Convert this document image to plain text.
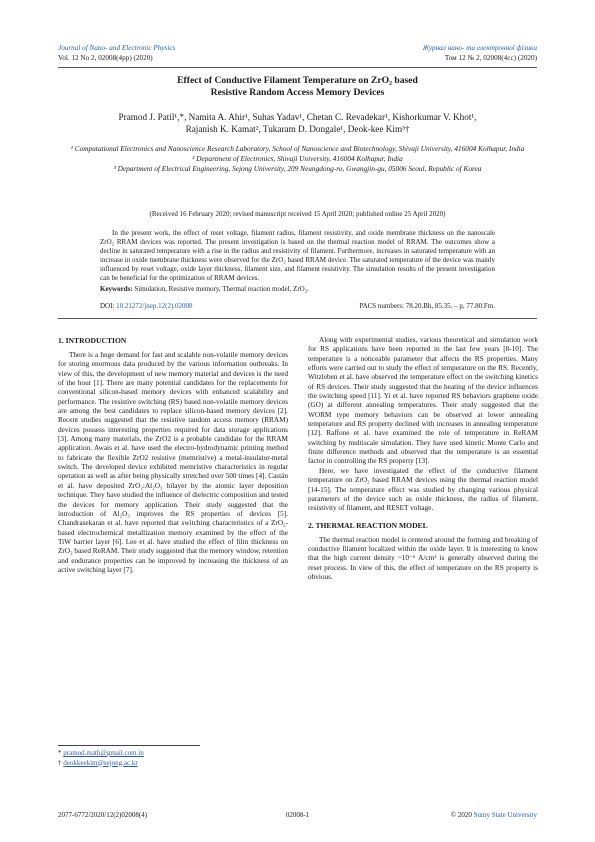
Journal of Nano- and Electronic Physics
Vol. 12 No 2, 02008(4pp) (2020)
Журнал нано- та електронної фізики
Том 12 № 2, 02008(4cc) (2020)
Effect of Conductive Filament Temperature on ZrO₂ based
Resistive Random Access Memory Devices
Pramod J. Patil¹,*, Namita A. Ahir¹, Suhas Yadav¹, Chetan C. Revadekar¹, Kishorkumar V. Khot¹,
Rajanish K. Kamat², Tukaram D. Dongale¹, Deok-kee Kim³†

¹ Computational Electronics and Nanoscience Research Laboratory, School of Nanoscience and Biotechnology, Shivaji University, 416004 Kolhapur, India

² Department of Electronics, Shivaji University, 416004 Kolhapur, India

³ Department of Electrical Engineering, Sejong University, 209 Neungdong-ro, Gwangjin-gu, 05006 Seoul, Republic of Korea

(Received 16 February 2020; revised manuscript received 15 April 2020; published online 25 April 2020)

In the present work, the effect of reset voltage, filament radius, filament resistivity, and oxide membrane thickness on the nanoscale ZrO₂ RRAM devices was reported. The present investigation is based on the thermal reaction model of RRAM. The outcomes show a decline in saturated temperature with a rise in the radius and resistivity of filament. Furthermore, increases in saturated temperature with an increase in oxide membrane thickness were observed for the ZrO₂ based RRAM device. The saturated temperature of the device was mainly influenced by reset voltage, oxide layer thickness, filament size, and filament resistivity. The simulation results of the present investigation can be beneficial for the optimization of RRAM devices.

Keywords: Simulation, Resistive memory, Thermal reaction model, ZrO₂.
DOI: 10.21272/jnep.12(2).02008	PACS numbers: 78.20.Bh, 85.35. – p, 77.80.Fm.
1. INTRODUCTION

There is a huge demand for fast and scalable non-volatile memory devices for storing enormous data produced by the various information outbreaks. In view of this, the development of new memory material and devices is the need of the hour [1]. There are many potential candidates for the replacements for conventional silicon-based memory devices with enhanced scalability and performance. The resistive switching (RS) based non-volatile memory devices are among the best candidates to replace silicon-based memory devices [2]. Recent studies suggested that the resistive random access memory (RRAM) devices possess interesting properties required for data storage applications [3]. Among many materials, the ZrO2 is a probable candidate for the RRAM application. Awais et al. have used the electro-hydrodynamic printing method to fabricate the flexible ZrO2 resistive (memristive) a metal-insulator-metal switch. The developed device exhibited memristive characteristics in regular operation as well as after being physically stretched over 500 times [4]. Castán et al. have deposited ZrO₂:Al₂O₃ bilayer by the atomic layer deposition technique. They have studied the influence of dielectric composition and tested the devices for memory application. Their study suggested that the introduction of Al₂O₃ improves the RS properties of devices [5]. Chandrasekaran et al. have reported that switching characteristics of a ZrO₂-based electrochemical metallization memory examined by the effect of the TiW barrier layer [6]. Lee et al. have studied the effect of film thickness on ZrO₂ based ReRAM. Their study suggested that the memory window, retention and endurance properties can be improved by increasing the thickness of an active switching layer [7].

Along with experimental studies, various theoretical and simulation work for RS applications have been reported in the last few years [8-10]. The temperature is a noticeable parameter that affects the RS properties. Many efforts were carried out to study the effect of temperature on the RS. Recently, Witzleben et al. have observed the temperature effect on the switching kinetics of RS devices. Their study suggested that the heating of the device influences the switching speed [11]. Yi et al. have reported RS behaviors graphene oxide (GO) at different annealing temperatures. Their study suggested that the WORM type memory behaviors can be observed at lower annealing temperature and RS property declined with increases in annealing temperature [12]. Raffone et al. have examined the role of temperature in ReRAM switching by multiscale simulation. They have used kinetic Monte Carlo and finite difference methods and observed that the temperature is an essential factor in controlling the RS property [13].

Here, we have investigated the effect of the conductive filament temperature on ZrO₂ based RRAM devices using the thermal reaction model [14-15]. The temperature effect was studied by changing various physical parameters of the device such as oxide thickness, the radius of filament, resistivity of filament, and RESET voltage.

2. THERMAL REACTION MODEL

The thermal reaction model is centered around the forming and breaking of conductive filament localized within the oxide layer. It is interesting to know that the high current density ~10⁻⁶ A/cm² is generally observed during the reset process. In view of this, the effect of temperature on the RS property is obvious.

* pramod.math@gmail.com.in
† deokkeekim@sejong.ac.kr
2077-6772/2020/12(2)02008(4)	02008-1	© 2020 Sumy State University
